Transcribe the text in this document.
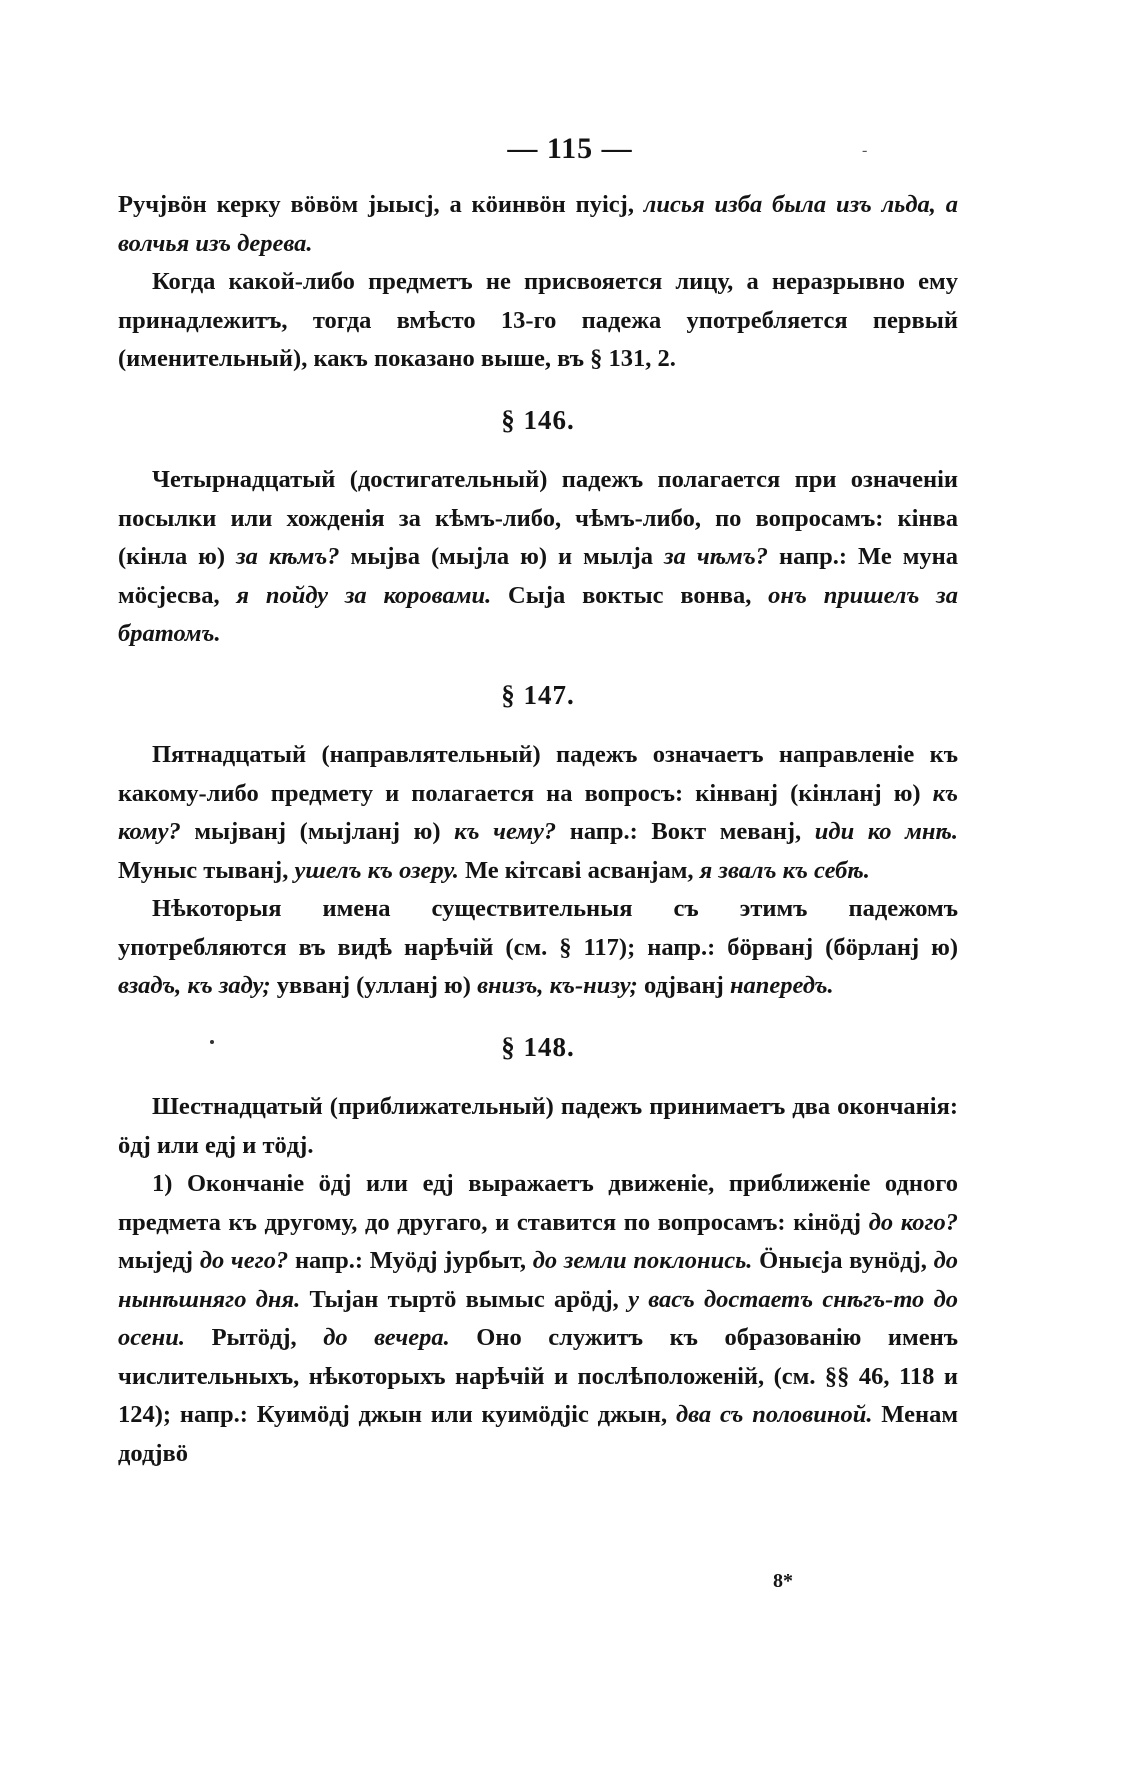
— 115 —

Ручјвöн керку вöвöм јыысј, а кöинвöн пуісј, лисья изба была изъ льда, а волчья изъ дерева.

Когда какой-либо предметъ не присвояется лицу, а неразрывно ему принадлежитъ, тогда вмѣсто 13-го падежа употребляется первый (именительный), какъ показано выше, въ § 131, 2.

§ 146.

Четырнадцатый (достигательный) падежъ полагается при означеніи посылки или хожденія за кѣмъ-либо, чѣмъ-либо, по вопросамъ: кінва (кінла ю) за кѣмъ? мыјва (мыјла ю) и мылја за чѣмъ? напр.: Ме муна мöсјесва, я пойду за коровами. Сыја воктыс вонва, онъ пришелъ за братомъ.

§ 147.

Пятнадцатый (направлятельный) падежъ означаетъ направленіе къ какому-либо предмету и полагается на вопросъ: кінванј (кінланј ю) къ кому? мыјванј (мыјланј ю) къ чему? напр.: Вокт меванј, иди ко мнѣ. Муныс тыванј, ушелъ къ озеру. Ме кітсаві асванјам, я звалъ къ себѣ.

Нѣкоторыя имена существительныя съ этимъ падежомъ употребляются въ видѣ нарѣчій (см. § 117); напр.: бöрванј (бöрланј ю) взадъ, къ заду; увванј (улланј ю) внизъ, къ-низу; одјванј напередъ.

§ 148.

Шестнадцатый (приближательный) падежъ принимаетъ два окончанія: öдј или едј и тöдј.

1) Окончаніе öдј или едј выражаетъ движеніе, приближеніе одного предмета къ другому, до другаго, и ставится по вопросамъ: кінöдј до кого? мыједј до чего? напр.: Муöдј јурбыт, до земли поклонись. Öныєја вунöдј, до нынѣшняго дня. Тыјан тыртö вымыс арöдј, у васъ достаетъ снѣгъ-то до осени. Рытöдј, до вечера. Оно служитъ къ образованію именъ числительныхъ, нѣкоторыхъ нарѣчій и послѣположеній, (см. §§ 46, 118 и 124); напр.: Куимöдј джын или куимöдјіс джын, два съ половиной. Менам додјвö

8*
-
